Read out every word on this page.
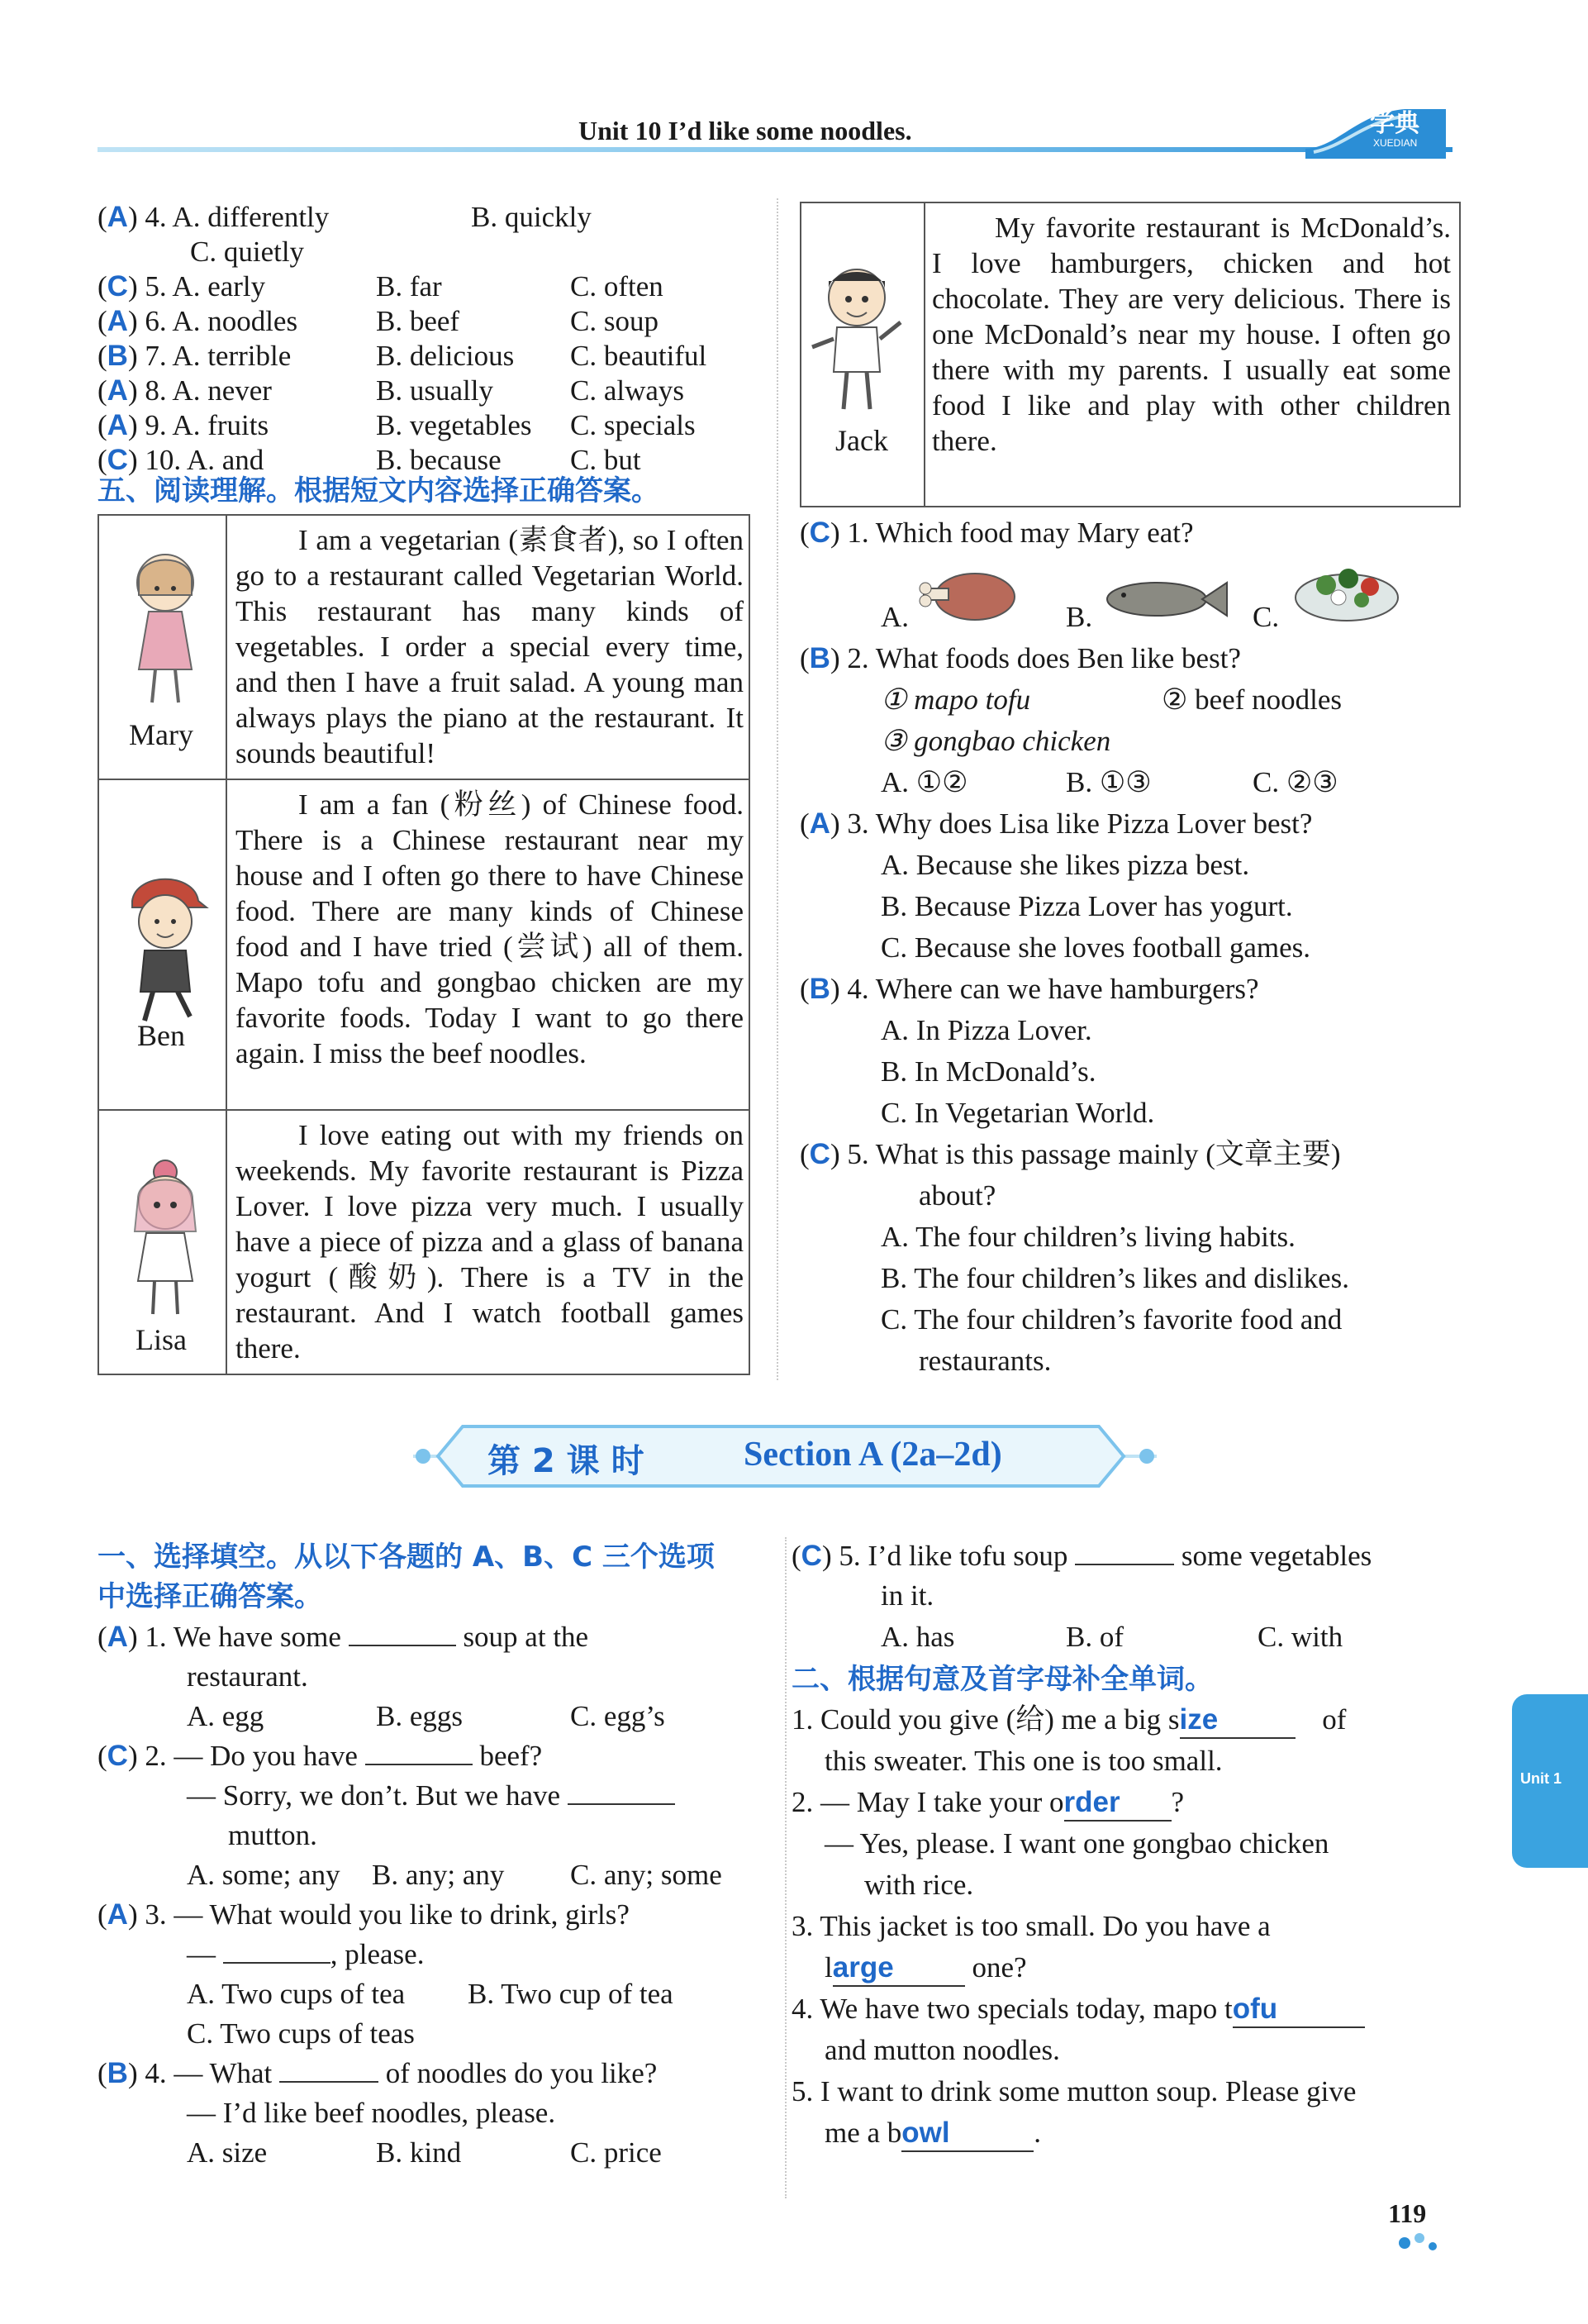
Unit 10 I’d like some noodles.	学典
XUEDIAN
(A) 4. A. differently	B. quickly
C. quietly
(C) 5. A. early	B. far	C. often
(A) 6. A. noodles	B. beef	C. soup
(B) 7. A. terrible	B. delicious C. beautiful
(A) 8. A. never	B. usually	C. always
(A) 9. A. fruits	B. vegetables C. specials
(C) 10. A. and	B. because C. but
五、阅读理解。根据短文内容选择正确答案。
Mary
I am a vegetarian (素食者), so I often go to a restaurant called Vegetarian World. This restaurant has many kinds of vegetables. I order a special every time, and then I have a fruit salad. A young man always plays the piano at the restaurant. It sounds beautiful!
Ben
I am a fan (粉丝) of Chinese food. There is a Chinese restaurant near my house and I often go there to have Chinese food. There are many kinds of Chinese food and I have tried (尝试) all of them. Mapo tofu and gongbao chicken are my favorite foods. Today I want to go there again. I miss the beef noodles.
Lisa
I love eating out with my friends on weekends. My favorite restaurant is Pizza Lover. I love pizza very much. I usually have a piece of pizza and a glass of banana yogurt (酸奶). There is a TV in the restaurant. And I watch football games there.
Jack
My favorite restaurant is McDonald’s. I love hamburgers, chicken and hot chocolate. They are very delicious. There is one McDonald’s near my house. I often go there with my parents. I usually eat some food I like and play with other children there.
(C) 1. Which food may Mary eat?
A.	B.	C.
(B) 2. What foods does Ben like best?
① mapo tofu	② beef noodles
③ gongbao chicken
A. ①②	B. ①③	C. ②③
(A) 3. Why does Lisa like Pizza Lover best?
A. Because she likes pizza best.
B. Because Pizza Lover has yogurt.
C. Because she loves football games.
(B) 4. Where can we have hamburgers?
A. In Pizza Lover.
B. In McDonald’s.
C. In Vegetarian World.
(C) 5. What is this passage mainly (文章主要)
about?
A. The four children’s living habits.
B. The four children’s likes and dislikes.
C. The four children’s favorite food and
restaurants.
第 2 课 时	Section A (2a–2d)
一、选择填空。从以下各题的 A、B、C 三个选项
中选择正确答案。
(A) 1. We have some	soup at the
restaurant.
A. egg	B. eggs	C. egg’s
(C) 2. — Do you have	beef?
— Sorry, we don’t. But we have
mutton.
A. some; any B. any; any C. any; some
(A) 3. — What would you like to drink, girls?
—	, please.
A. Two cups of tea B. Two cup of tea
C. Two cups of teas
(B) 4. — What	of noodles do you like?
— I’d like beef noodles, please.
A. size	B. kind	C. price
(C) 5. I’d like tofu soup	some vegetables
in it.
A. has	B. of	C. with
二、根据句意及首字母补全单词。
1. Could you give (给) me a big size	of
this sweater. This one is too small.
2. — May I take your order ?
— Yes, please. I want one gongbao chicken
with rice.
3. This jacket is too small. Do you have a
large	one?
4. We have two specials today, mapo tofu
and mutton noodles.
5. I want to drink some mutton soup. Please give
me a bowl	.
Unit 1
119
